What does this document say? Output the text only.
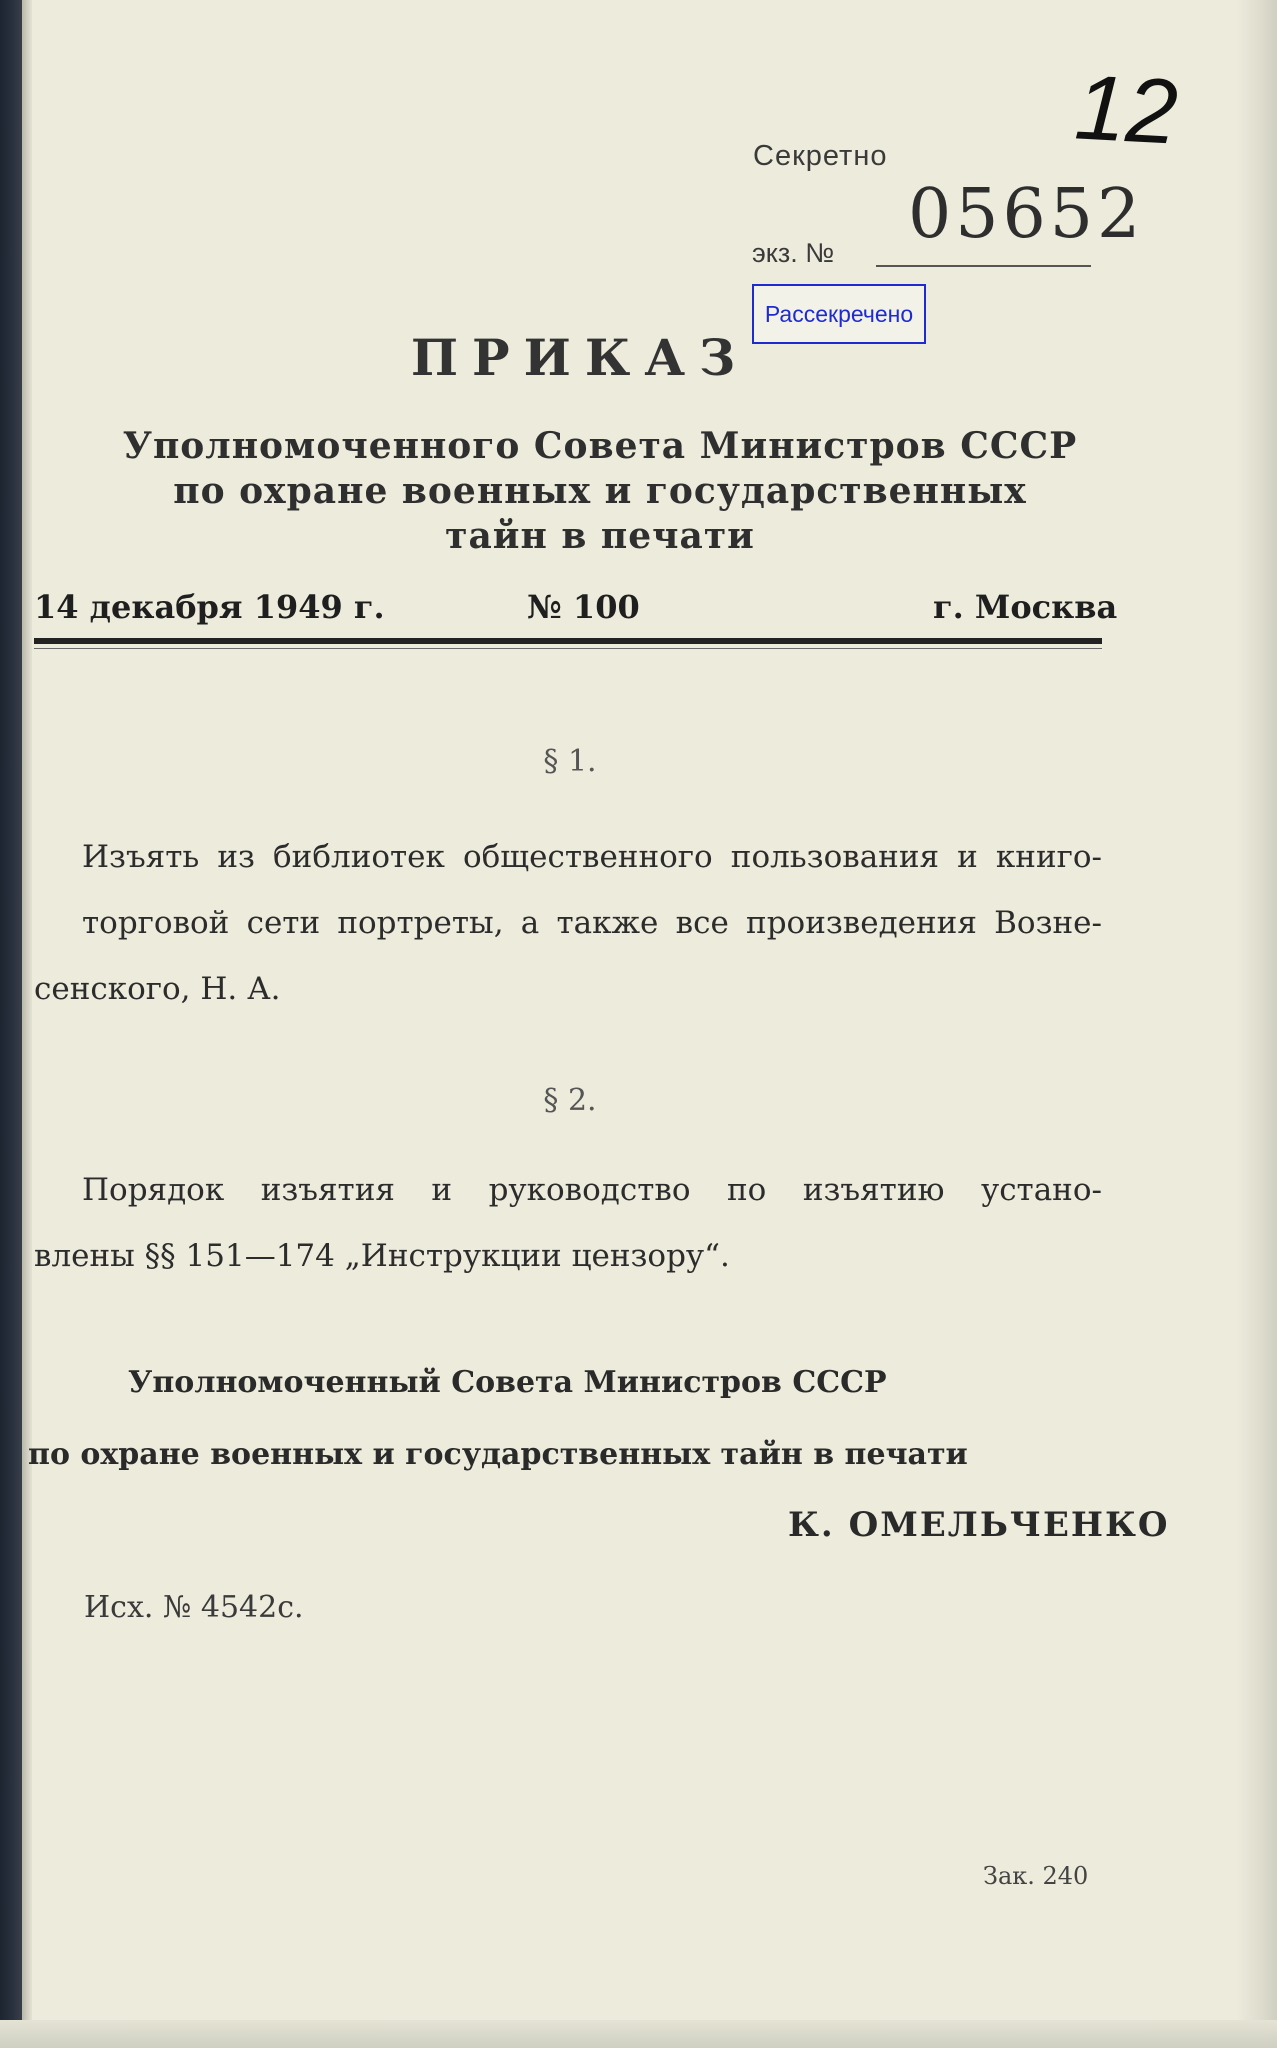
12
Секретно
экз. № 05652
Рассекречено
ПРИКАЗ
Уполномоченного Совета Министров СССР
по охране военных и государственных
тайн в печати
14 декабря 1949 г.	№ 100	г. Москва
§ 1.
Изъять из библиотек общественного пользования и книго-
торговой сети портреты, а также все произведения Возне-
сенского, Н. А.
§ 2.
Порядок изъятия и руководство по изъятию устано-
влены §§ 151—174 „Инструкции цензору“.
Уполномоченный Совета Министров СССР
по охране военных и государственных тайн в печати
К. ОМЕЛЬЧЕНКО
Исх. № 4542с.
Зак. 240
